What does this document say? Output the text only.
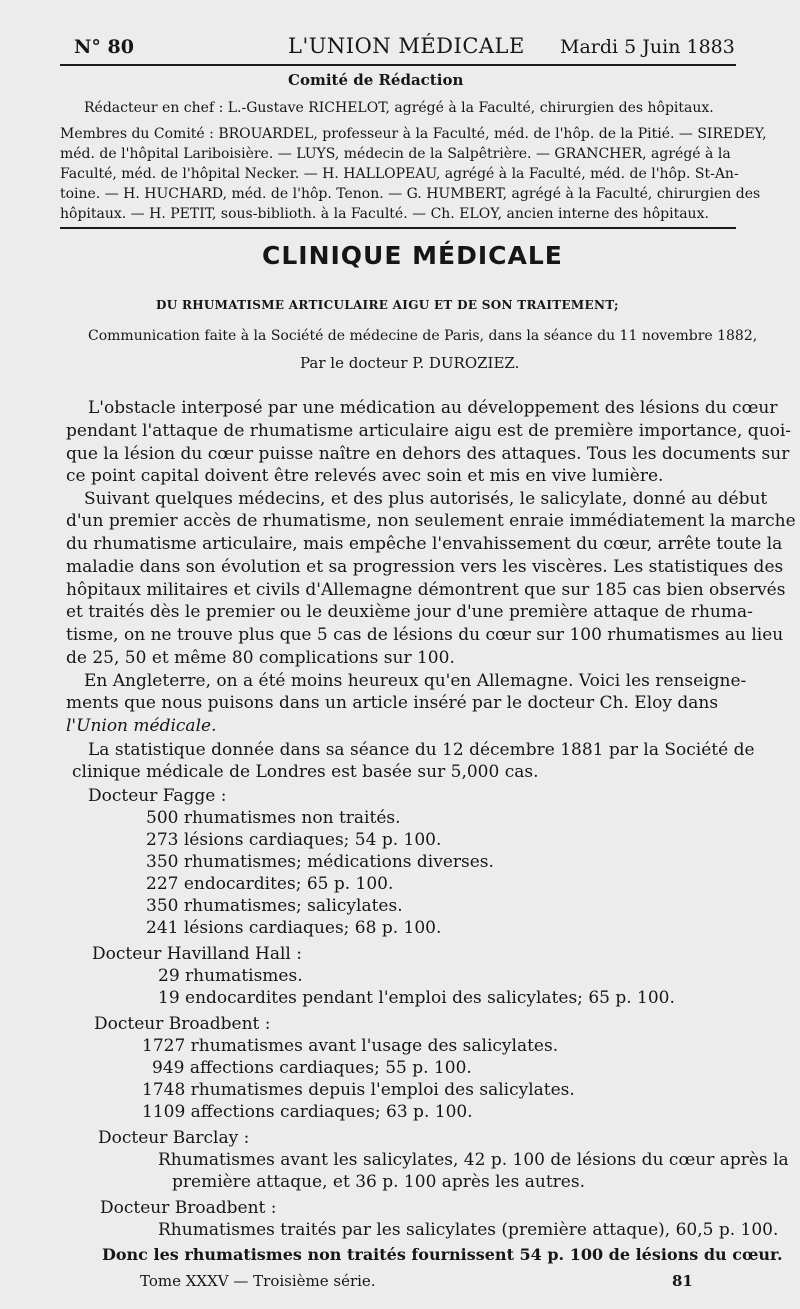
N° 80	L'UNION MÉDICALE Mardi 5 Juin 1883
Comité de Rédaction
Rédacteur en chef : L.-Gustave RICHELOT, agrégé à la Faculté, chirurgien des hôpitaux.
Membres du Comité : BROUARDEL, professeur à la Faculté, méd. de l'hôp. de la Pitié. — SIREDEY,
méd. de l'hôpital Lariboisière. — LUYS, médecin de la Salpêtrière. — GRANCHER, agrégé à la
Faculté, méd. de l'hôpital Necker. — H. HALLOPEAU, agrégé à la Faculté, méd. de l'hôp. St-An-
toine. — H. HUCHARD, méd. de l'hôp. Tenon. — G. HUMBERT, agrégé à la Faculté, chirurgien des
hôpitaux. — H. PETIT, sous-biblioth. à la Faculté. — Ch. ELOY, ancien interne des hôpitaux.
CLINIQUE MÉDICALE
DU RHUMATISME ARTICULAIRE AIGU ET DE SON TRAITEMENT;
Communication faite à la Société de médecine de Paris, dans la séance du 11 novembre 1882,
Par le docteur P. DUROZIEZ.
L'obstacle interposé par une médication au développement des lésions du cœur
pendant l'attaque de rhumatisme articulaire aigu est de première importance, quoi-
que la lésion du cœur puisse naître en dehors des attaques. Tous les documents sur
ce point capital doivent être relevés avec soin et mis en vive lumière.
Suivant quelques médecins, et des plus autorisés, le salicylate, donné au début
d'un premier accès de rhumatisme, non seulement enraie immédiatement la marche
du rhumatisme articulaire, mais empêche l'envahissement du cœur, arrête toute la
maladie dans son évolution et sa progression vers les viscères. Les statistiques des
hôpitaux militaires et civils d'Allemagne démontrent que sur 185 cas bien observés
et traités dès le premier ou le deuxième jour d'une première attaque de rhuma-
tisme, on ne trouve plus que 5 cas de lésions du cœur sur 100 rhumatismes au lieu
de 25, 50 et même 80 complications sur 100.
En Angleterre, on a été moins heureux qu'en Allemagne. Voici les renseigne-
ments que nous puisons dans un article inséré par le docteur Ch. Eloy dans
l'Union médicale.
La statistique donnée dans sa séance du 12 décembre 1881 par la Société de
clinique médicale de Londres est basée sur 5,000 cas.
Docteur Fagge :
500 rhumatismes non traités.
273 lésions cardiaques; 54 p. 100.
350 rhumatismes; médications diverses.
227 endocardites; 65 p. 100.
350 rhumatismes; salicylates.
241 lésions cardiaques; 68 p. 100.
Docteur Havilland Hall :
29 rhumatismes.
19 endocardites pendant l'emploi des salicylates; 65 p. 100.
Docteur Broadbent :
1727 rhumatismes avant l'usage des salicylates.
949 affections cardiaques; 55 p. 100.
1748 rhumatismes depuis l'emploi des salicylates.
1109 affections cardiaques; 63 p. 100.
Docteur Barclay :
Rhumatismes avant les salicylates, 42 p. 100 de lésions du cœur après la
première attaque, et 36 p. 100 après les autres.
Docteur Broadbent :
Rhumatismes traités par les salicylates (première attaque), 60,5 p. 100.
Donc les rhumatismes non traités fournissent 54 p. 100 de lésions du cœur.
Tome XXXV — Troisième série.	81
